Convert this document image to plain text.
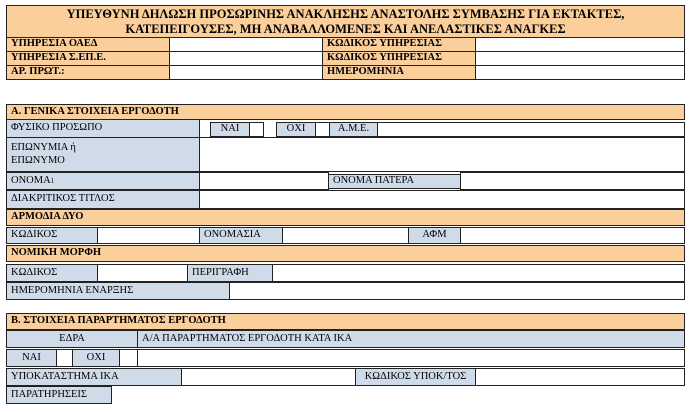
ΥΠΕΥΘΥΝΗ ΔΗΛΩΣΗ ΠΡΟΣΩΡΙΝΗΣ ΑΝΑΚΛΗΣΗΣ ΑΝΑΣΤΟΛΗΣ ΣΥΜΒΑΣΗΣ ΓΙΑ ΕΚΤΑΚΤΕΣ,
ΚΑΤΕΠΕΙΓΟΥΣΕΣ, ΜΗ ΑΝΑΒΑΛΛΟΜΕΝΕΣ ΚΑΙ ΑΝΕΛΑΣΤΙΚΕΣ ΑΝΑΓΚΕΣ
ΥΠΗΡΕΣΙΑ ΟΑΕΔ	ΚΩΔΙΚΟΣ ΥΠΗΡΕΣΙΑΣ
ΥΠΗΡΕΣΙΑ Σ.ΕΠ.Ε.	ΚΩΔΙΚΟΣ ΥΠΗΡΕΣΙΑΣ
ΑΡ. ΠΡΩΤ.:	ΗΜΕΡΟΜΗΝΙΑ
Α. ΓΕΝΙΚΑ ΣΤΟΙΧΕΙΑ ΕΡΓΟΔΟΤΗ
ΦΥΣΙΚΟ ΠΡΟΣΩΠΟ	ΝΑΙ	ΟΧΙ	Α.Μ.Ε.
ΕΠΩΝΥΜΙΑ ή
ΕΠΩΝΥΜΟ
ΟΝΟΜΑ 1	ΟΝΟΜΑ ΠΑΤΕΡΑ
ΔΙΑΚΡΙΤΙΚΟΣ ΤΙΤΛΟΣ
ΑΡΜΟΔΙΑ ΔΥΟ
ΚΩΔΙΚΟΣ	ΟΝΟΜΑΣΙΑ	ΑΦΜ
ΝΟΜΙΚΗ ΜΟΡΦΗ
ΚΩΔΙΚΟΣ	ΠΕΡΙΓΡΑΦΗ
ΗΜΕΡΟΜΗΝΙΑ ΕΝΑΡΞΗΣ
Β. ΣΤΟΙΧΕΙΑ ΠΑΡΑΡΤΗΜΑΤΟΣ ΕΡΓΟΔΟΤΗ
ΕΔΡΑ	Α/Α ΠΑΡΑΡΤΗΜΑΤΟΣ ΕΡΓΟΔΟΤΗ ΚΑΤΑ ΙΚΑ
ΝΑΙ	ΟΧΙ
ΥΠΟΚΑΤΑΣΤΗΜΑ ΙΚΑ	ΚΩΔΙΚΟΣ ΥΠΟΚ/ΤΟΣ
ΠΑΡΑΤΗΡΗΣΕΙΣ
